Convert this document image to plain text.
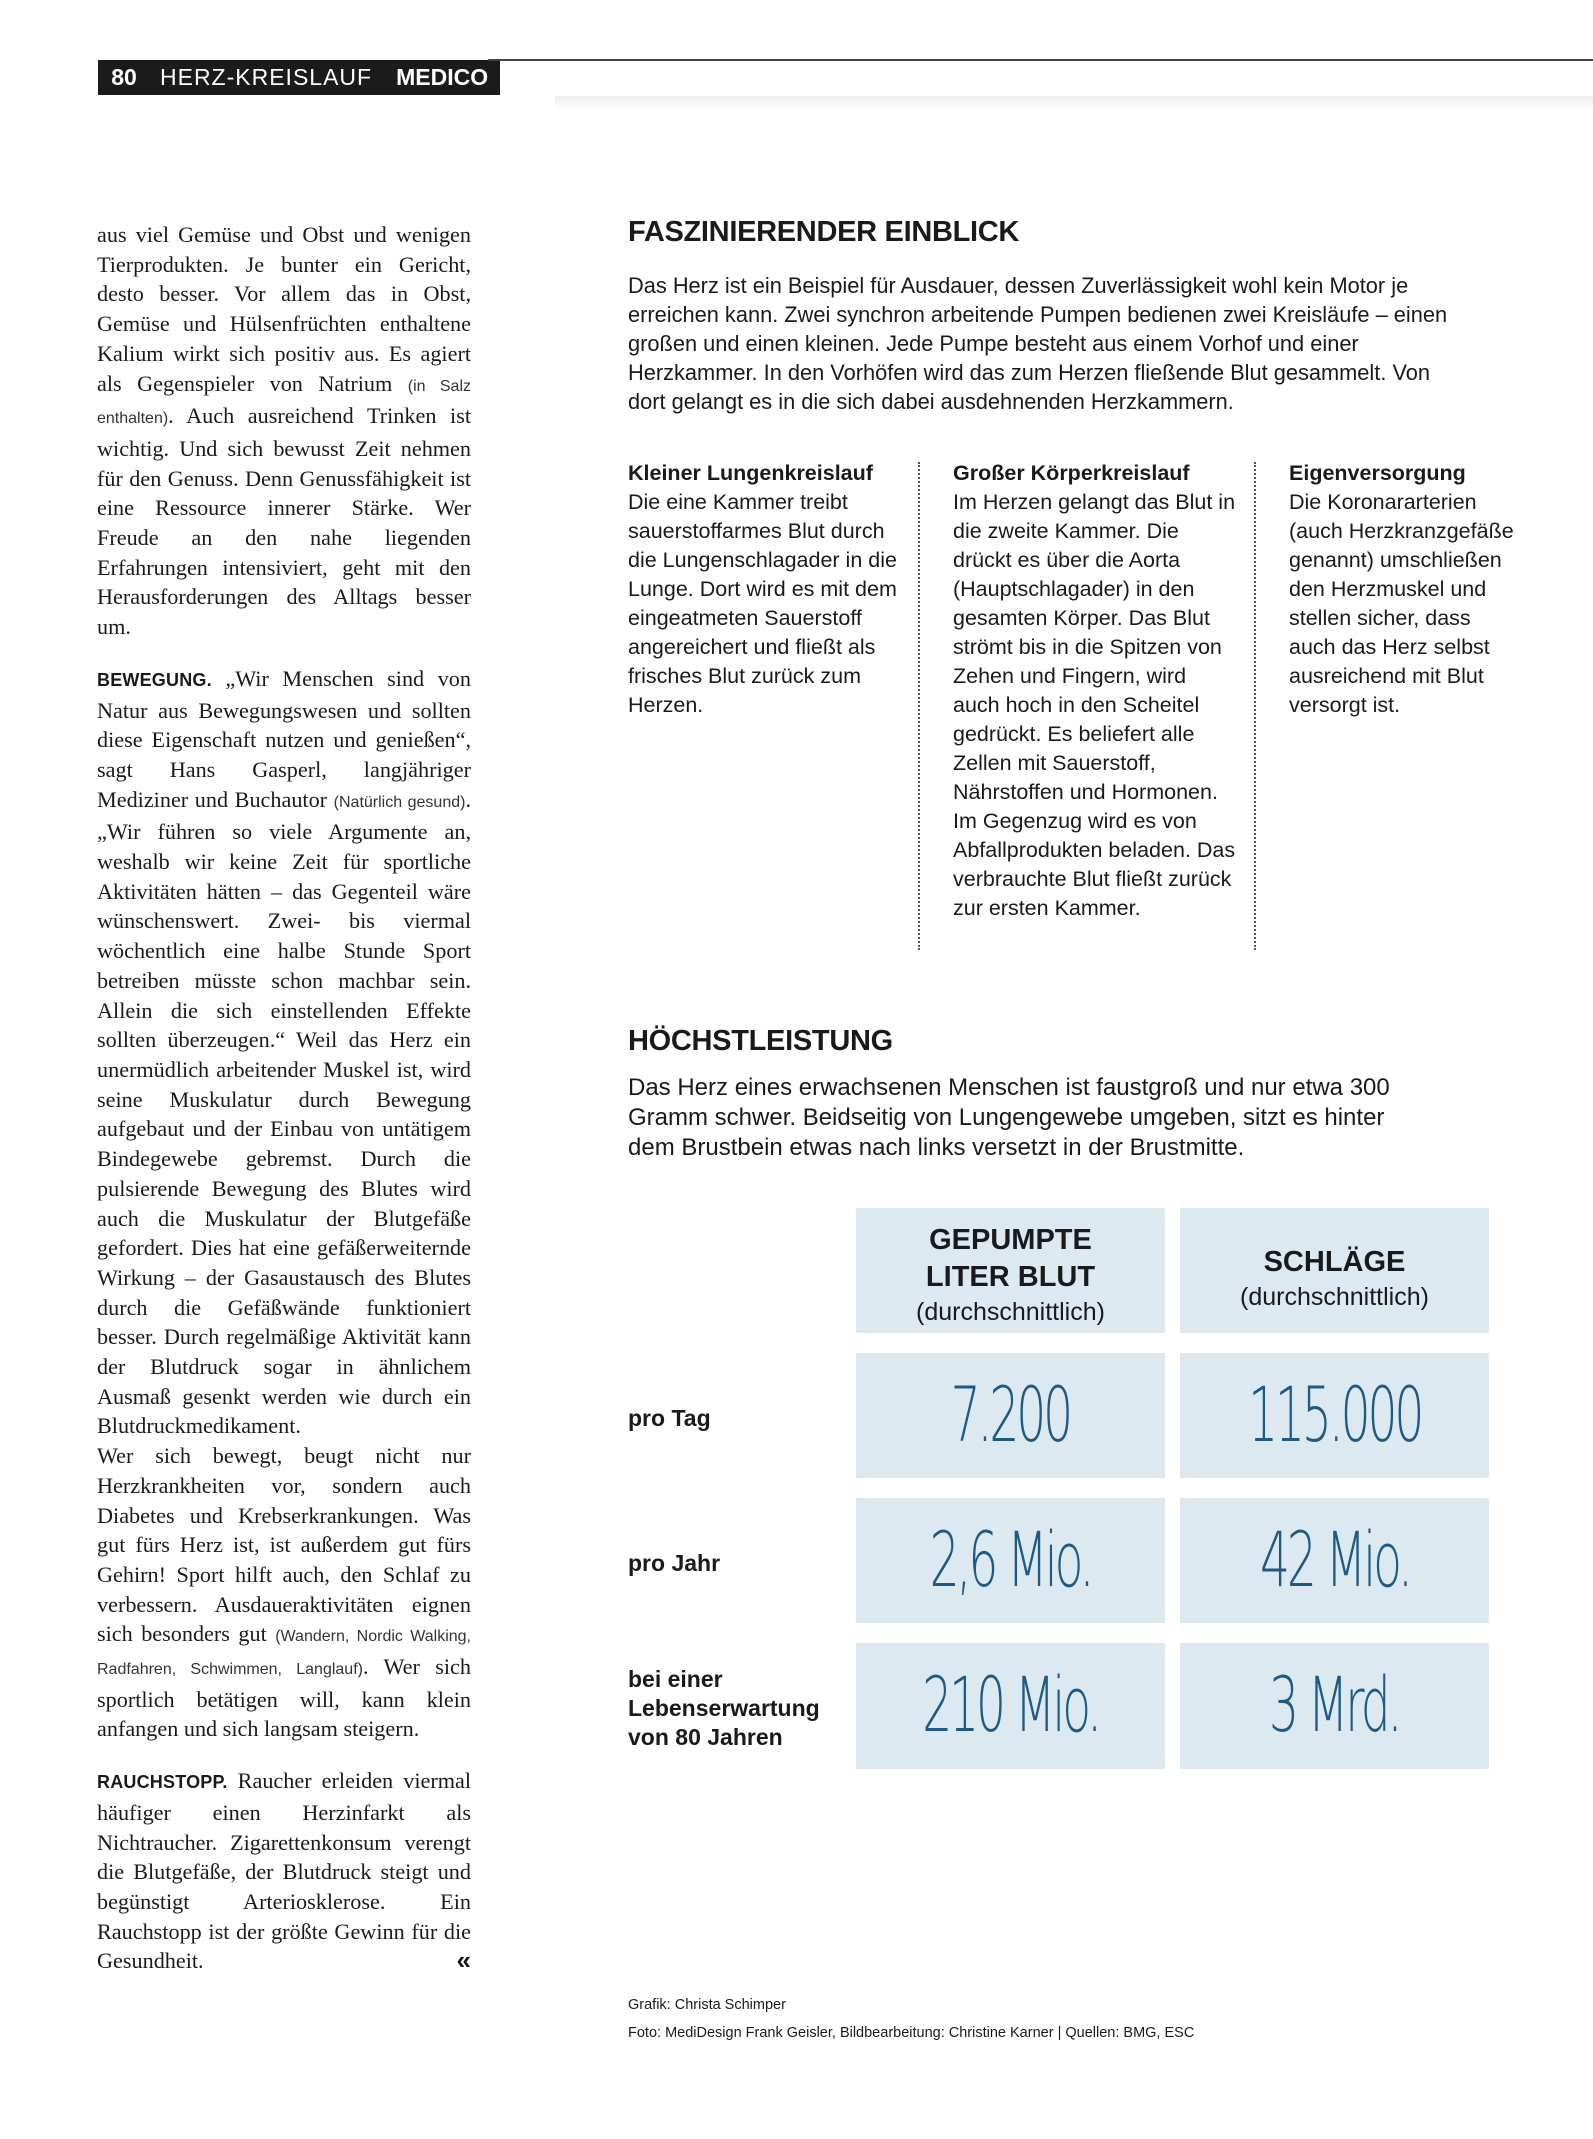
80	HERZ-KREISLAUF	MEDICO

aus viel Gemüse und Obst und wenigen Tierprodukten. Je bunter ein Gericht, desto besser. Vor allem das in Obst, Gemüse und Hülsenfrüchten enthaltene Kalium wirkt sich positiv aus. Es agiert als Gegenspieler von Natrium (in Salz enthalten). Auch ausreichend Trinken ist wichtig. Und sich bewusst Zeit nehmen für den Genuss. Denn Genussfähigkeit ist eine Ressource innerer Stärke. Wer Freude an den nahe liegenden Erfahrungen intensiviert, geht mit den Herausforderungen des Alltags besser um.

BEWEGUNG. „Wir Menschen sind von Natur aus Bewegungswesen und sollten diese Eigenschaft nutzen und genießen“, sagt Hans Gasperl, langjähriger Mediziner und Buchautor (Natürlich gesund). „Wir führen so viele Argumente an, weshalb wir keine Zeit für sportliche Aktivitäten hätten – das Gegenteil wäre wünschenswert. Zwei- bis viermal wöchentlich eine halbe Stunde Sport betreiben müsste schon machbar sein. Allein die sich einstellenden Effekte sollten überzeugen.“ Weil das Herz ein unermüdlich arbeitender Muskel ist, wird seine Muskulatur durch Bewegung aufgebaut und der Einbau von untätigem Bindegewebe gebremst. Durch die pulsierende Bewegung des Blutes wird auch die Muskulatur der Blutgefäße gefordert. Dies hat eine gefäßerweiternde Wirkung – der Gasaustausch des Blutes durch die Gefäßwände funktioniert besser. Durch regelmäßige Aktivität kann der Blutdruck sogar in ähnlichem Ausmaß gesenkt werden wie durch ein Blutdruckmedikament.

Wer sich bewegt, beugt nicht nur Herzkrankheiten vor, sondern auch Diabetes und Krebserkrankungen. Was gut fürs Herz ist, ist außerdem gut fürs Gehirn! Sport hilft auch, den Schlaf zu verbessern. Ausdaueraktivitäten eignen sich besonders gut (Wandern, Nordic Walking, Radfahren, Schwimmen, Langlauf). Wer sich sportlich betätigen will, kann klein anfangen und sich langsam steigern.

RAUCHSTOPP. Raucher erleiden viermal häufiger einen Herzinfarkt als Nichtraucher. Zigarettenkonsum verengt die Blutgefäße, der Blutdruck steigt und begünstigt Arteriosklerose. Ein Rauchstopp ist der größte Gewinn für die Gesundheit.	«

FASZINIERENDER EINBLICK
Das Herz ist ein Beispiel für Ausdauer, dessen Zuverlässigkeit wohl kein Motor je erreichen kann. Zwei synchron arbeitende Pumpen bedienen zwei Kreisläufe – einen großen und einen kleinen. Jede Pumpe besteht aus einem Vorhof und einer Herzkammer. In den Vorhöfen wird das zum Herzen fließende Blut gesammelt. Von dort gelangt es in die sich dabei ausdehnenden Herzkammern.
Kleiner Lungenkreislauf
Die eine Kammer treibt sauerstoffarmes Blut durch die Lungenschlagader in die Lunge. Dort wird es mit dem eingeatmeten Sauerstoff angereichert und fließt als frisches Blut zurück zum Herzen.
Großer Körperkreislauf
Im Herzen gelangt das Blut in die zweite Kammer. Die drückt es über die Aorta (Hauptschlagader) in den gesamten Körper. Das Blut strömt bis in die Spitzen von Zehen und Fingern, wird auch hoch in den Scheitel gedrückt. Es beliefert alle Zellen mit Sauerstoff, Nährstoffen und Hormonen. Im Gegenzug wird es von Abfallprodukten beladen. Das verbrauchte Blut fließt zurück zur ersten Kammer.
Eigenversorgung
Die Koronararterien (auch Herzkranzgefäße genannt) umschließen den Herzmuskel und stellen sicher, dass auch das Herz selbst ausreichend mit Blut versorgt ist.
HÖCHSTLEISTUNG
Das Herz eines erwachsenen Menschen ist faustgroß und nur etwa 300 Gramm schwer. Beidseitig von Lungengewebe umgeben, sitzt es hinter dem Brustbein etwas nach links versetzt in der Brustmitte.
GEPUMPTE LITER BLUT
(durchschnittlich)
SCHLÄGE
(durchschnittlich)
pro Tag	7.200	115.000
pro Jahr	2,6 Mio.	42 Mio.
bei einer Lebenserwartung von 80 Jahren	210 Mio.	3 Mrd.
Grafik: Christa Schimper
Foto: MediDesign Frank Geisler, Bildbearbeitung: Christine Karner | Quellen: BMG, ESC
